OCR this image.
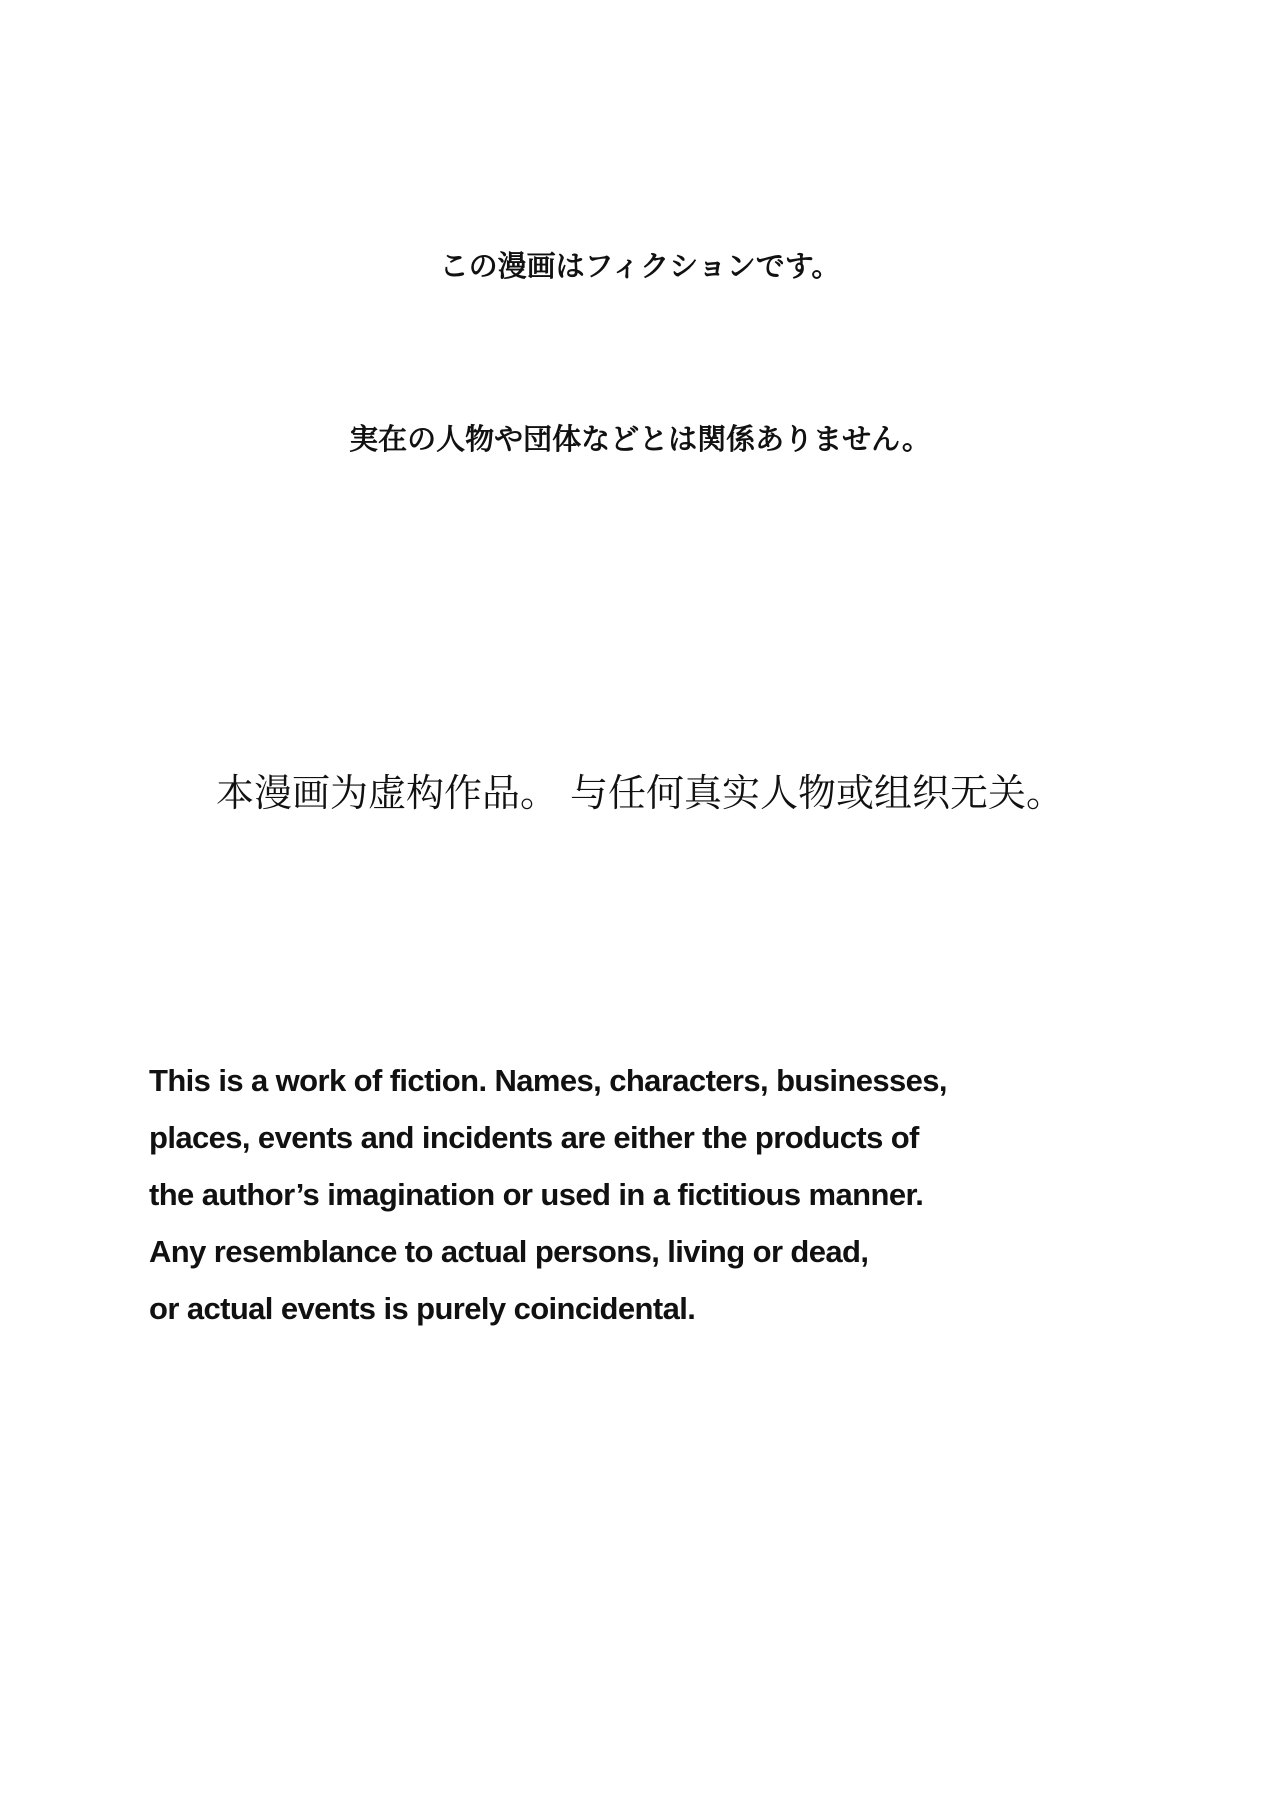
この漫画はフィクションです。
実在の人物や団体などとは関係ありません。
本漫画为虚构作品。 与任何真实人物或组织无关。
This is a work of fiction. Names, characters, businesses,
places, events and incidents are either the products of
the author’s imagination or used in a fictitious manner.
Any resemblance to actual persons, living or dead,
or actual events is purely coincidental.
